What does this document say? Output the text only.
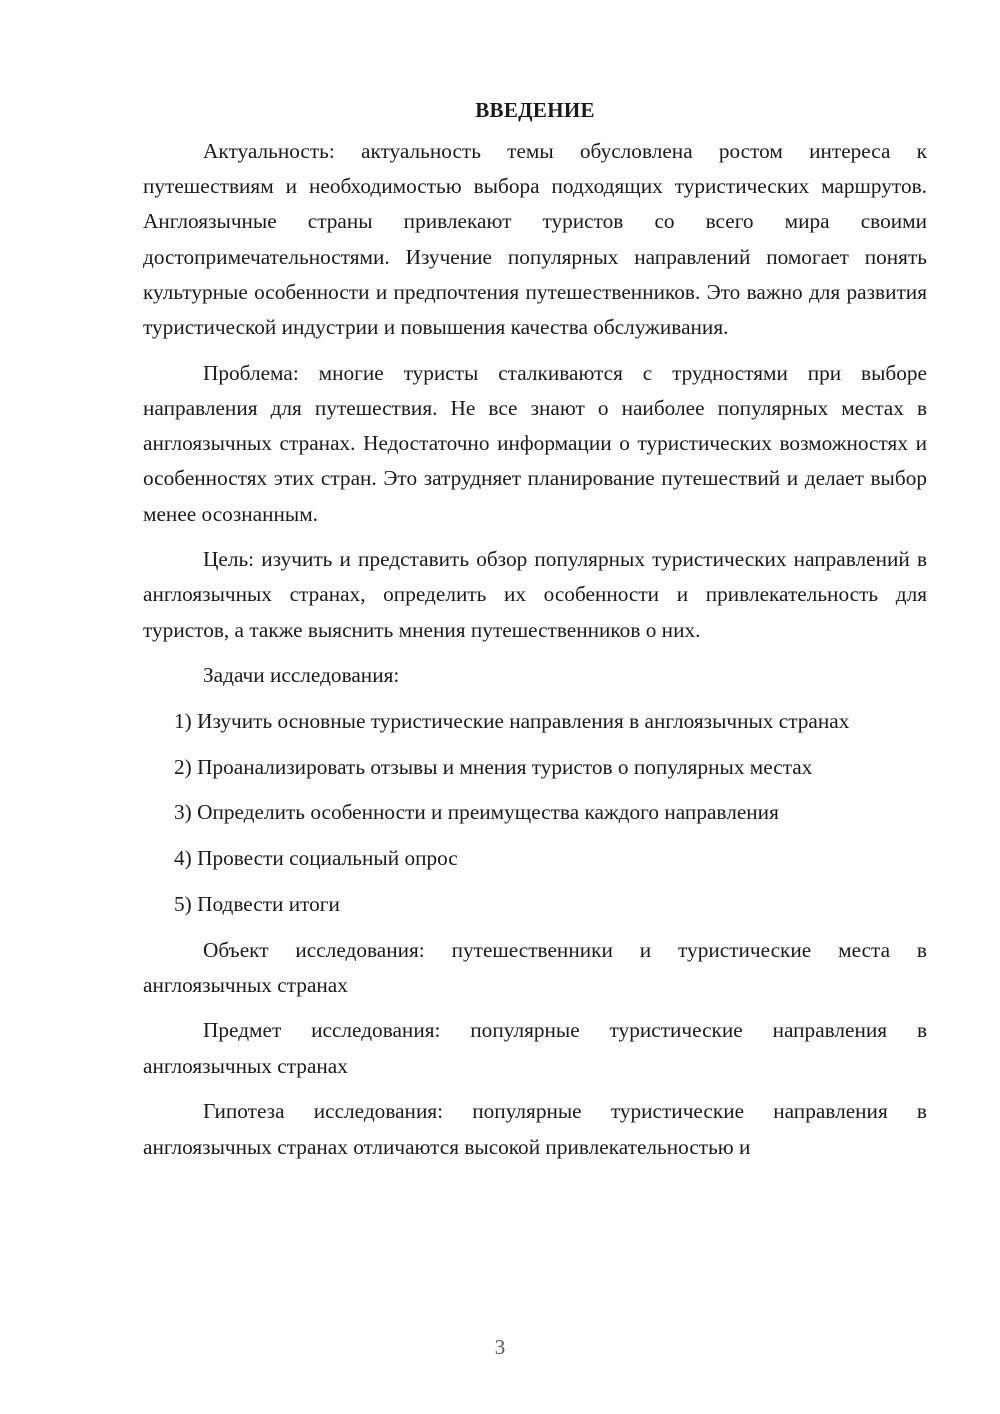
ВВЕДЕНИЕ

Актуальность: актуальность темы обусловлена ростом интереса к путешествиям и необходимостью выбора подходящих туристических маршрутов. Англоязычные страны привлекают туристов со всего мира своими достопримечательностями. Изучение популярных направлений помогает понять культурные особенности и предпочтения путешественников. Это важно для развития туристической индустрии и повышения качества обслуживания.

Проблема: многие туристы сталкиваются с трудностями при выборе направления для путешествия. Не все знают о наиболее популярных местах в англоязычных странах. Недостаточно информации о туристических возможностях и особенностях этих стран. Это затрудняет планирование путешествий и делает выбор менее осознанным.

Цель: изучить и представить обзор популярных туристических направлений в англоязычных странах, определить их особенности и привлекательность для туристов, а также выяснить мнения путешественников о них.

Задачи исследования:

1) Изучить основные туристические направления в англоязычных странах

2) Проанализировать отзывы и мнения туристов о популярных местах

3) Определить особенности и преимущества каждого направления

4) Провести социальный опрос

5) Подвести итоги

Объект исследования: путешественники и туристические места в англоязычных странах

Предмет исследования: популярные туристические направления в англоязычных странах

Гипотеза исследования: популярные туристические направления в англоязычных странах отличаются высокой привлекательностью и

3
